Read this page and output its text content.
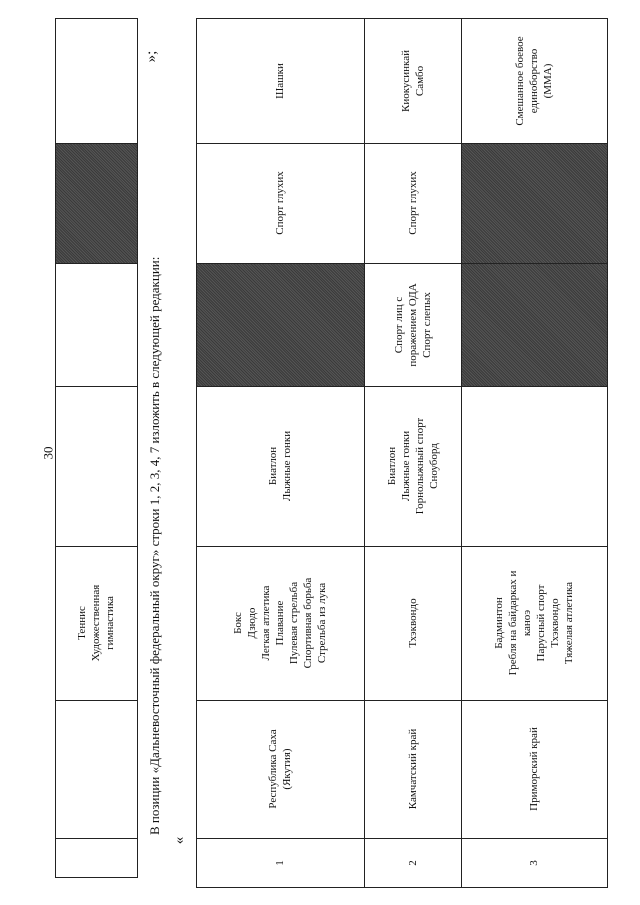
30
Теннис Художественная гимнастика В позиции «Дальневосточный федеральный округ» строки 1, 2, 3, 4, 7 изложить в следующей редакции:
«
»;
1
Республика Саха (Якутия)
Бокс Дзюдо Легкая атлетика Плавание Пулевая стрельба Спортивная борьба Стрельба из лука
Биатлон Лыжные гонки
Спорт глухих
Шашки
2
Камчатский край
Тхэквондо
Биатлон Лыжные гонки Горнолыжный спорт Сноуборд
Спорт лиц с поражением ОДА Спорт слепых
Спорт глухих
Киокусинкай Самбо
3
Приморский край
Бадминтон Гребля на байдарках и каноэ Парусный спорт Тхэквондо Тяжелая атлетика
Смешанное боевое единоборство (ММА)
